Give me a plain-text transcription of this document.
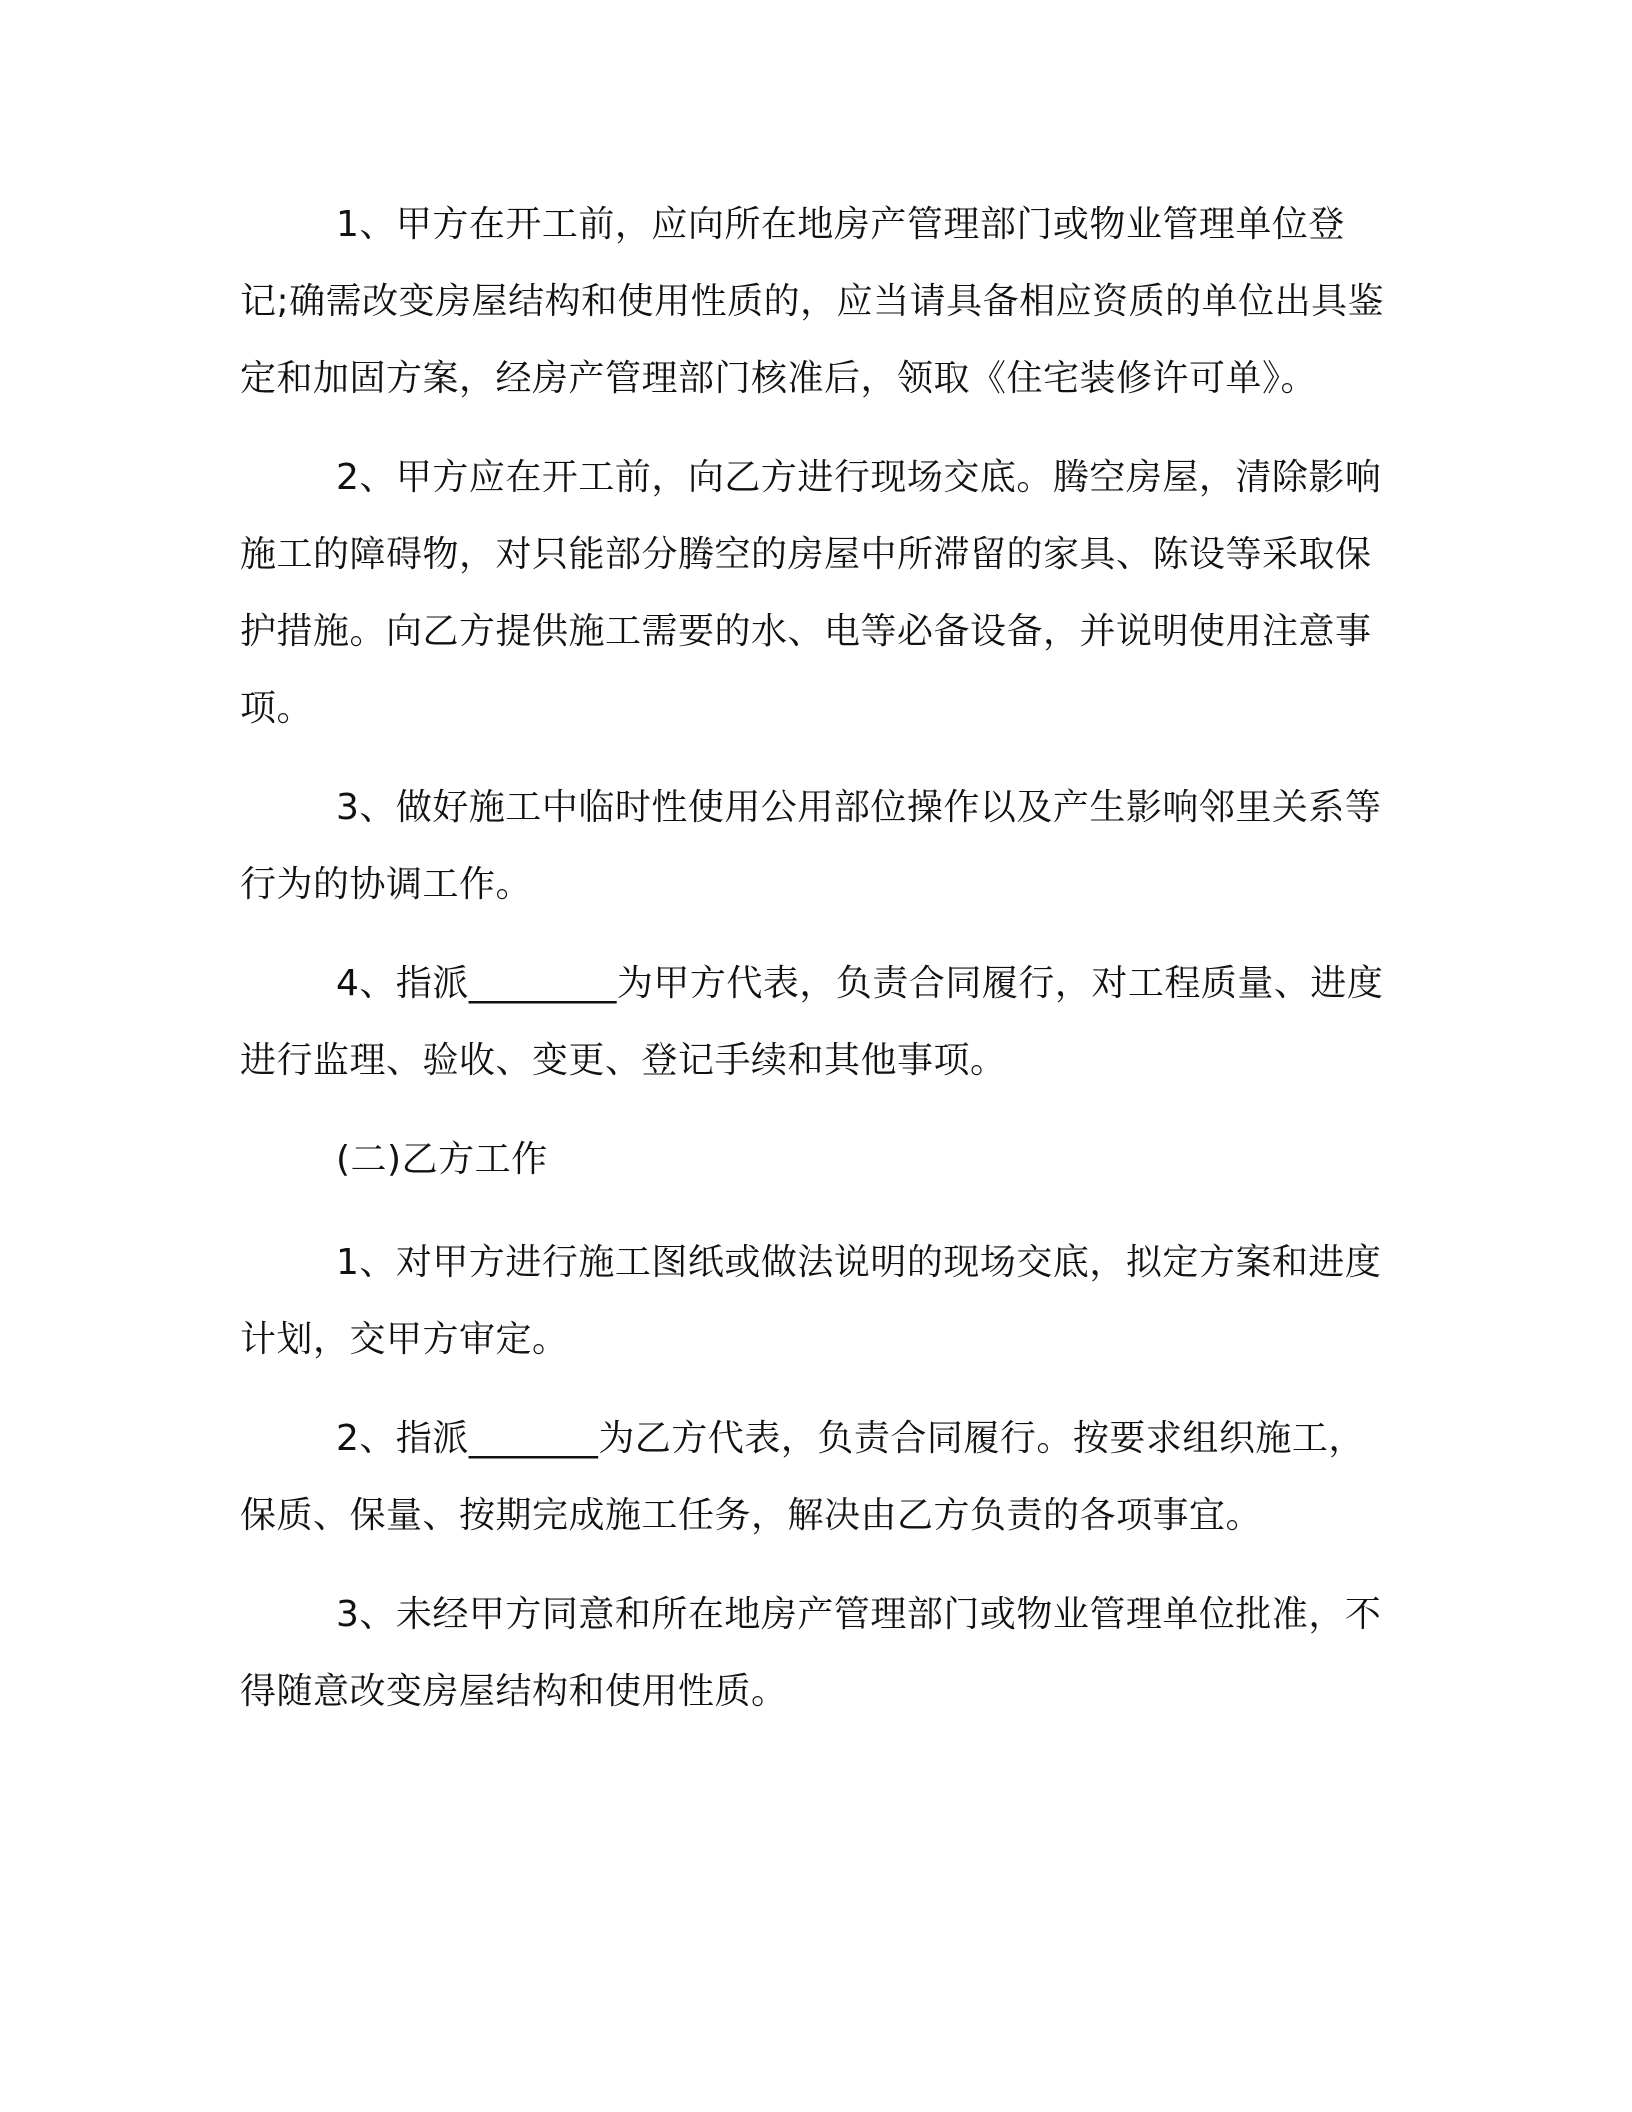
1、甲方在开工前，应向所在地房产管理部门或物业管理单位登记;确需改变房屋结构和使用性质的，应当请具备相应资质的单位出具鉴定和加固方案，经房产管理部门核准后，领取《住宅装修许可单》。

2、甲方应在开工前，向乙方进行现场交底。腾空房屋，清除影响施工的障碍物，对只能部分腾空的房屋中所滞留的家具、陈设等采取保护措施。向乙方提供施工需要的水、电等必备设备，并说明使用注意事项。

3、做好施工中临时性使用公用部位操作以及产生影响邻里关系等行为的协调工作。

4、指派________为甲方代表，负责合同履行，对工程质量、进度进行监理、验收、变更、登记手续和其他事项。

(二)乙方工作

1、对甲方进行施工图纸或做法说明的现场交底，拟定方案和进度计划，交甲方审定。

2、指派_______为乙方代表，负责合同履行。按要求组织施工，保质、保量、按期完成施工任务，解决由乙方负责的各项事宜。

3、未经甲方同意和所在地房产管理部门或物业管理单位批准，不得随意改变房屋结构和使用性质。
